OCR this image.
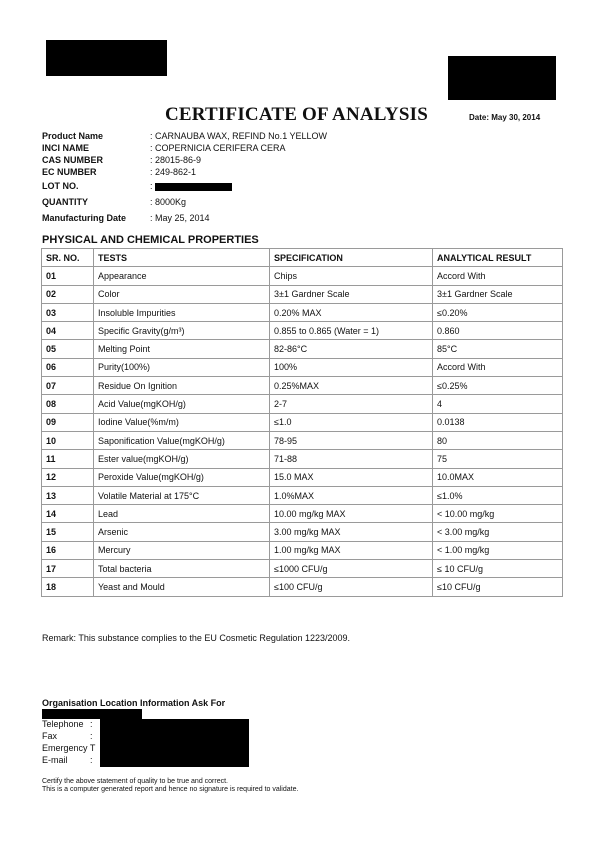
CERTIFICATE OF ANALYSIS	Date: May 30, 2014
Product Name	: CARNAUBA WAX, REFIND No.1 YELLOW
INCI NAME	: COPERNICIA CERIFERA CERA
CAS NUMBER	: 28015-86-9
EC NUMBER	: 249-862-1
LOT NO.	:
QUANTITY	: 8000Kg
Manufacturing Date	: May 25, 2014
PHYSICAL AND CHEMICAL PROPERTIES
SR. NO.	TESTS	SPECIFICATION	ANALYTICAL RESULT
01	Appearance	Chips	Accord With
02	Color	3±1 Gardner Scale	3±1 Gardner Scale
03	Insoluble Impurities	0.20% MAX	≤0.20%
04	Specific Gravity(g/m³)	0.855 to 0.865 (Water = 1)	0.860
05	Melting Point	82-86°C	85°C
06	Purity(100%)	100%	Accord With
07	Residue On Ignition	0.25%MAX	≤0.25%
08	Acid Value(mgKOH/g)	2-7	4
09	Iodine Value(%m/m)	≤1.0	0.0138
10	Saponification Value(mgKOH/g)	78-95	80
11	Ester value(mgKOH/g)	71-88	75
12	Peroxide Value(mgKOH/g)	15.0 MAX	10.0MAX
13	Volatile Material at 175°C	1.0%MAX	≤1.0%
14	Lead	10.00 mg/kg MAX	< 10.00 mg/kg
15	Arsenic	3.00 mg/kg MAX	< 3.00 mg/kg
16	Mercury	1.00 mg/kg MAX	< 1.00 mg/kg
17	Total bacteria	≤1000 CFU/g	≤ 10 CFU/g
18	Yeast and Mould	≤100 CFU/g	≤10 CFU/g
Remark: This substance complies to the EU Cosmetic Regulation 1223/2009.
Organisation Location Information Ask For
Telephone :
Fax	:
Emergency T
E-mail	:
Certify the above statement of quality to be true and correct.
This is a computer generated report and hence no signature is required to validate.
